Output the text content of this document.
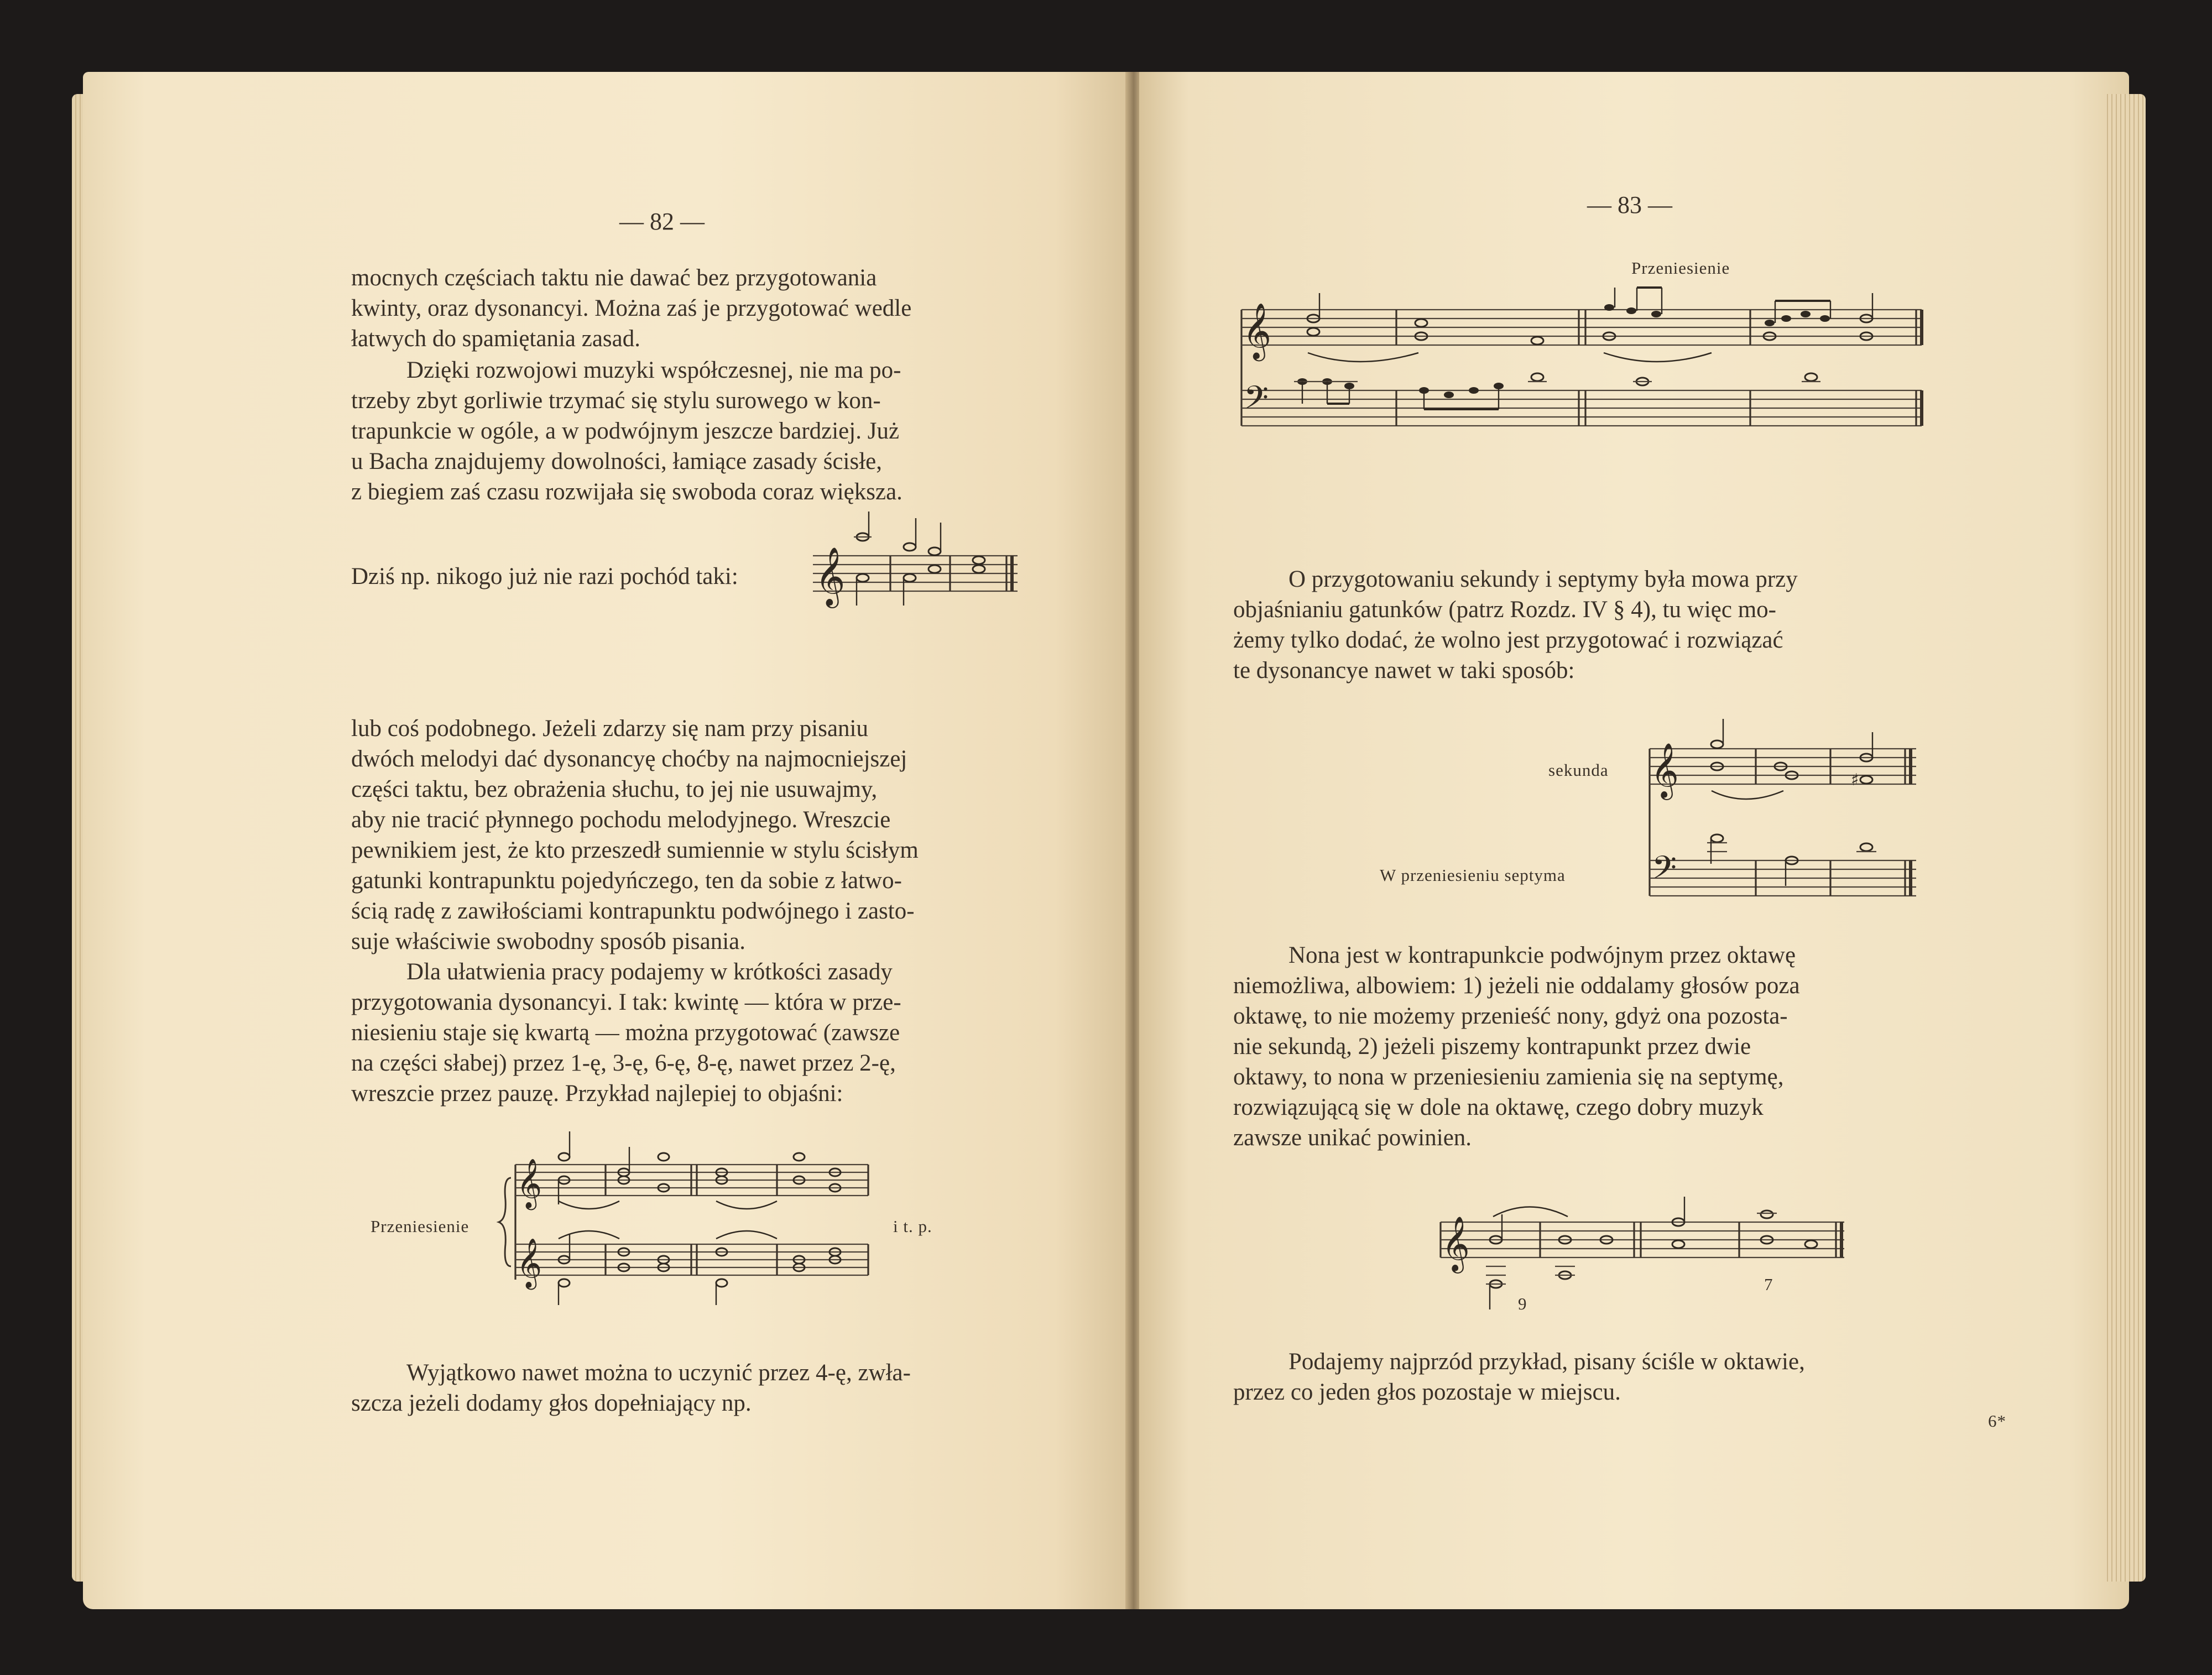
— 82 —
mocnych częściach taktu nie dawać bez przygotowania
kwinty, oraz dysonancyi. Można zaś je przygotować wedle
łatwych do spamiętania zasad.
Dzięki rozwojowi muzyki współczesnej, nie ma po-
trzeby zbyt gorliwie trzymać się stylu surowego w kon-
trapunkcie w ogóle, a w podwójnym jeszcze bardziej. Już
u Bacha znajdujemy dowolności, łamiące zasady ścisłe,
z biegiem zaś czasu rozwijała się swoboda coraz większa.
Dziś np. nikogo już nie razi pochód taki: 𝄞
lub coś podobnego. Jeżeli zdarzy się nam przy pisaniu
dwóch melodyi dać dysonancyę choćby na najmocniejszej
części taktu, bez obrażenia słuchu, to jej nie usuwajmy,
aby nie tracić płynnego pochodu melodyjnego. Wreszcie
pewnikiem jest, że kto przeszedł sumiennie w stylu ścisłym
gatunki kontrapunktu pojedyńczego, ten da sobie z łatwo-
ścią radę z zawiłościami kontrapunktu podwójnego i zasto-
suje właściwie swobodny sposób pisania.
Dla ułatwienia pracy podajemy w krótkości zasady
przygotowania dysonancyi. I tak: kwintę — która w prze-
niesieniu staje się kwartą — można przygotować (zawsze
na części słabej) przez 1-ę, 3-ę, 6-ę, 8-ę, nawet przez 2-ę,
wreszcie przez pauzę. Przykład najlepiej to objaśni:
Przeniesienie	i t. p.
𝄞
𝄞
Wyjątkowo nawet można to uczynić przez 4-ę, zwła-
szcza jeżeli dodamy głos dopełniający np.
— 83 —
Przeniesienie
𝄞
𝄢
O przygotowaniu sekundy i septymy była mowa przy
objaśnianiu gatunków (patrz Rozdz. IV § 4), tu więc mo-
żemy tylko dodać, że wolno jest przygotować i rozwiązać
te dysonancye nawet w taki sposób:
sekunda
W przeniesieniu septyma
𝄞
𝄢
♯
Nona jest w kontrapunkcie podwójnym przez oktawę
niemożliwa, albowiem: 1) jeżeli nie oddalamy głosów poza
oktawę, to nie możemy przenieść nony, gdyż ona pozosta-
nie sekundą, 2) jeżeli piszemy kontrapunkt przez dwie
oktawy, to nona w przeniesieniu zamienia się na septymę,
rozwiązującą się w dole na oktawę, czego dobry muzyk
zawsze unikać powinien.
𝄞
9
7
Podajemy najprzód przykład, pisany ściśle w oktawie,
przez co jeden głos pozostaje w miejscu.
6*
